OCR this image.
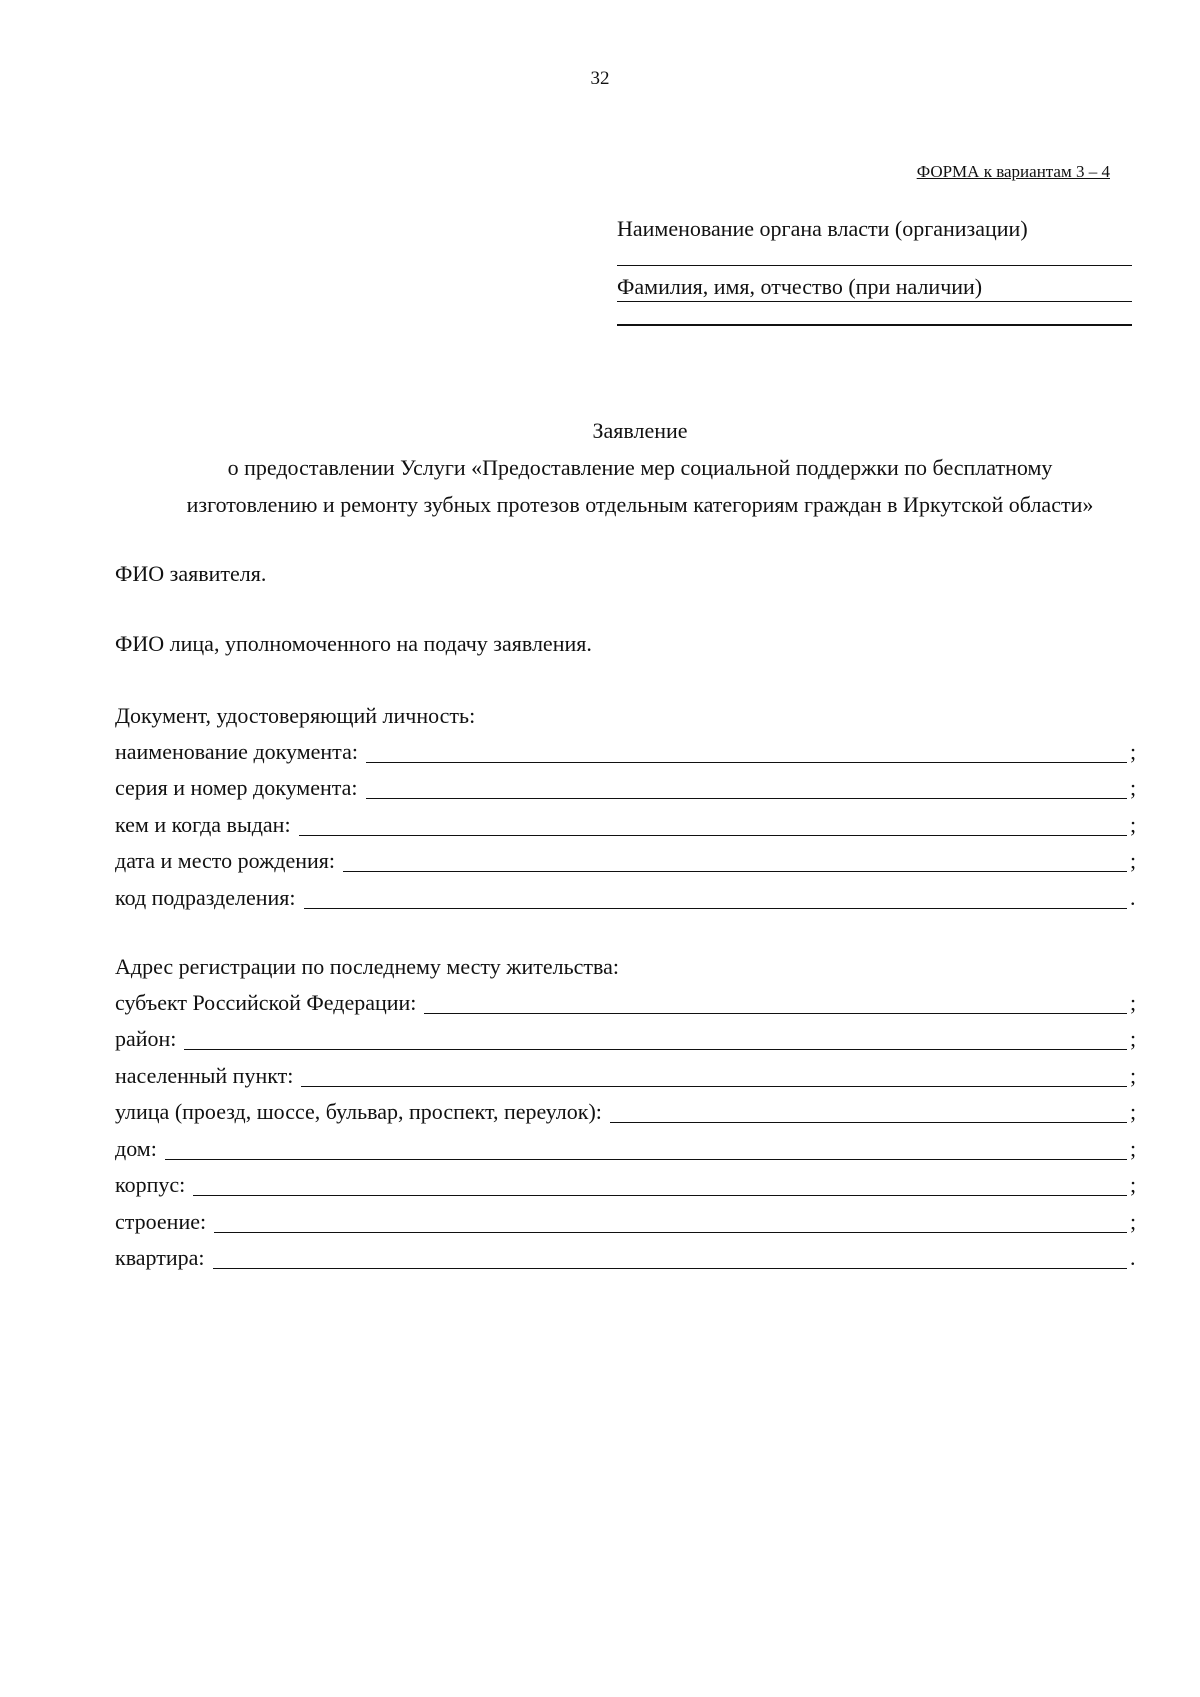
32
ФОРМА к вариантам 3 – 4
Наименование органа власти (организации)
Фамилия, имя, отчество (при наличии)
Заявление
о предоставлении Услуги «Предоставление мер социальной поддержки по бесплатному
изготовлению и ремонту зубных протезов отдельным категориям граждан в Иркутской области»
ФИО заявителя.
ФИО лица, уполномоченного на подачу заявления.
Документ, удостоверяющий личность:
наименование документа:	;
серия и номер документа:	;
кем и когда выдан:	;
дата и место рождения:	;
код подразделения:	.
Адрес регистрации по последнему месту жительства:
субъект Российской Федерации:	;
район:	;
населенный пункт:	;
улица (проезд, шоссе, бульвар, проспект, переулок):	;
дом:	;
корпус:	;
строение:	;
квартира:	.
